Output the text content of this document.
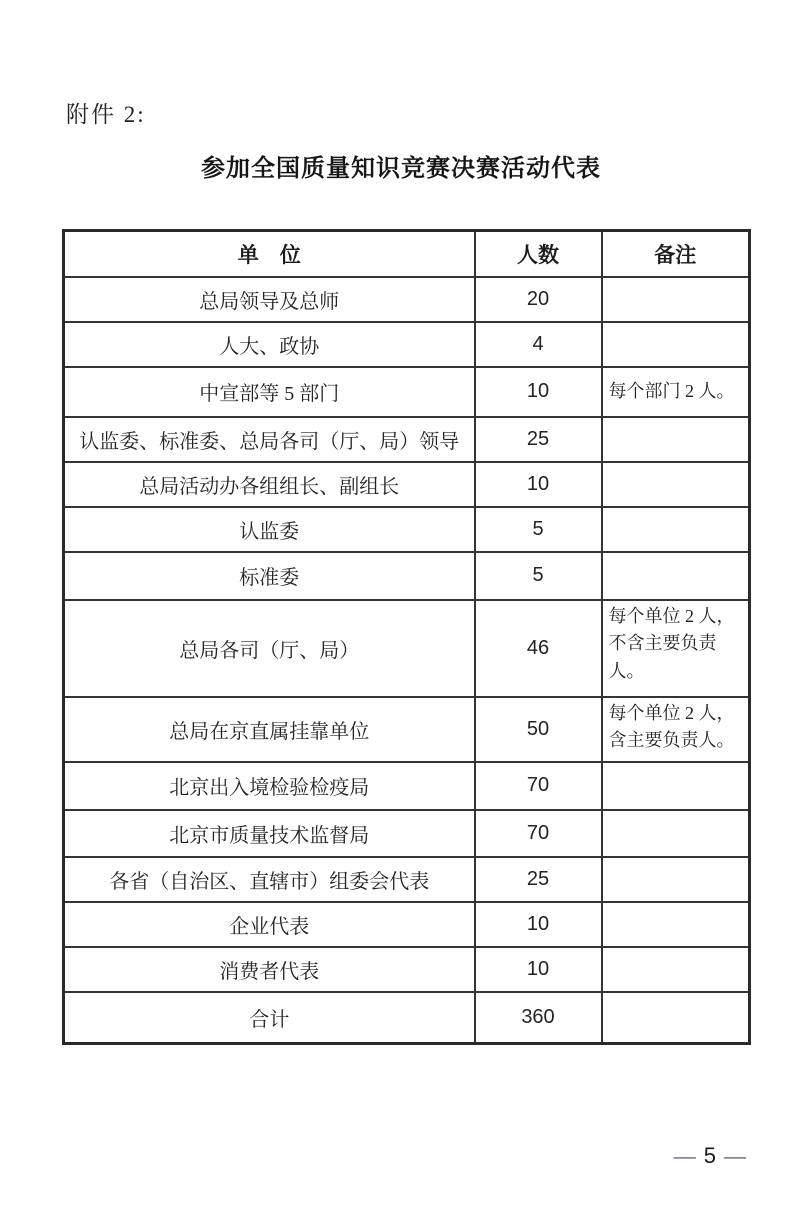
附件 2:
参加全国质量知识竞赛决赛活动代表
单　位	人数	备注
总局领导及总师	20	
人大、政协	4	
中宣部等 5 部门	10	每个部门 2 人。
认监委、标准委、总局各司（厅、局）领导	25	
总局活动办各组组长、副组长	10	
认监委	5	
标准委	5	
总局各司（厅、局）	46	每个单位 2 人，不含主要负责人。
总局在京直属挂靠单位	50	每个单位 2 人，含主要负责人。
北京出入境检验检疫局	70	
北京市质量技术监督局	70	
各省（自治区、直辖市）组委会代表	25	
企业代表	10	
消费者代表	10	
合计	360	
— 5 —
